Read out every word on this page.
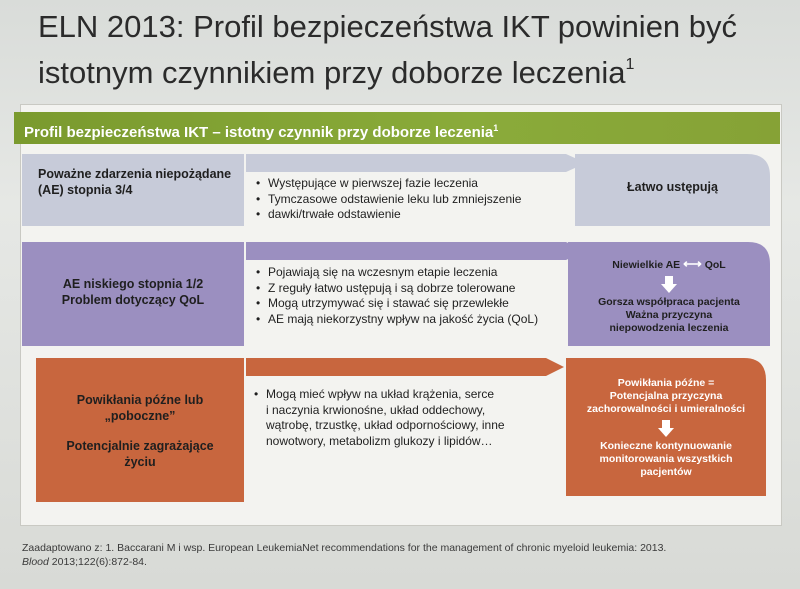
ELN 2013: Profil bezpieczeństwa IKT powinien być istotnym czynnikiem przy doborze leczenia$^1$
Profil bezpieczeństwa IKT – istotny czynnik przy doborze leczenia$^1$
Poważne zdarzenia niepożądane
(AE) stopnia 3/4
•	Występujące w pierwszej fazie leczenia
• Tymczasowe odstawienie leku lub zmniejszenie
• dawki/trwałe odstawienie
Łatwo ustępują
AE niskiego stopnia 1/2
Problem dotyczący QoL
• Pojawiają się na wczesnym etapie leczenia
• Z reguły łatwo ustępują i są dobrze tolerowane
• Mogą utrzymywać się i stawać się przewlekłe
• AE mają niekorzystny wpływ na jakość życia (QoL)
Niewielkie AE ⟷ QoL
Gorsza współpraca pacjenta
Ważna przyczyna
niepowodzenia leczenia
Powikłania późne lub
„poboczne”
Potencjalnie zagrażające
życiu
• Mogą mieć wpływ na układ krążenia, serce
i naczynia krwionośne, układ oddechowy,
wątrobę, trzustkę, układ odpornościowy, inne
nowotwory, metabolizm glukozy i lipidów…
Powikłania późne =
Potencjalna przyczyna
zachorowalności i umieralności
Konieczne kontynuowanie
monitorowania wszystkich
pacjentów
Zaadaptowano z: 1. Baccarani M i wsp. European LeukemiaNet recommendations for the management of chronic myeloid leukemia: 2013.
Blood 2013;122(6):872-84.
